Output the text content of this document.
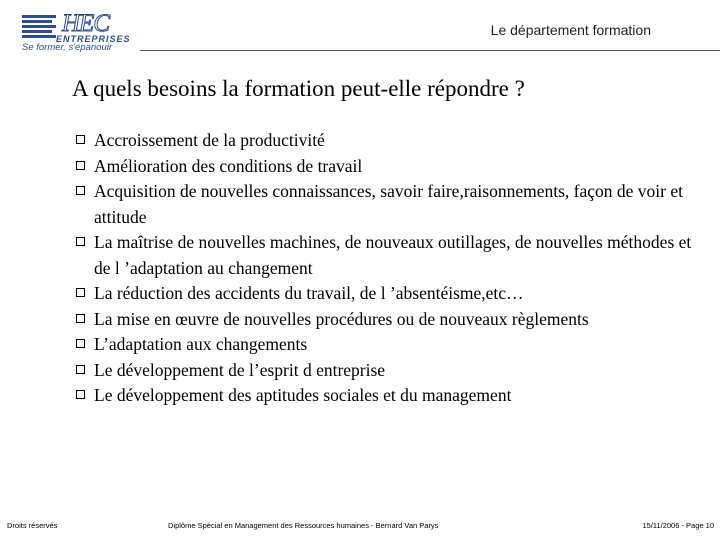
HEC
ENTREPRISES
Se former, s'épanouir
Le département formation
A quels besoins la formation peut-elle répondre ?
Accroissement de la productivité
Amélioration des conditions de travail
Acquisition de nouvelles connaissances, savoir faire,raisonnements, façon de voir et attitude
La maîtrise de nouvelles machines, de nouveaux outillages, de nouvelles méthodes et de l ’adaptation au changement
La réduction des accidents du travail, de l ’absentéisme,etc…
La mise en œuvre de nouvelles procédures ou de nouveaux règlements
L’adaptation aux changements
Le développement de l’esprit d entreprise
Le développement des aptitudes sociales et du management
Droits réservés	Diplôme Spécial en Management des Ressources humaines - Bernard Van Parys	15/11/2006 - Page 10
